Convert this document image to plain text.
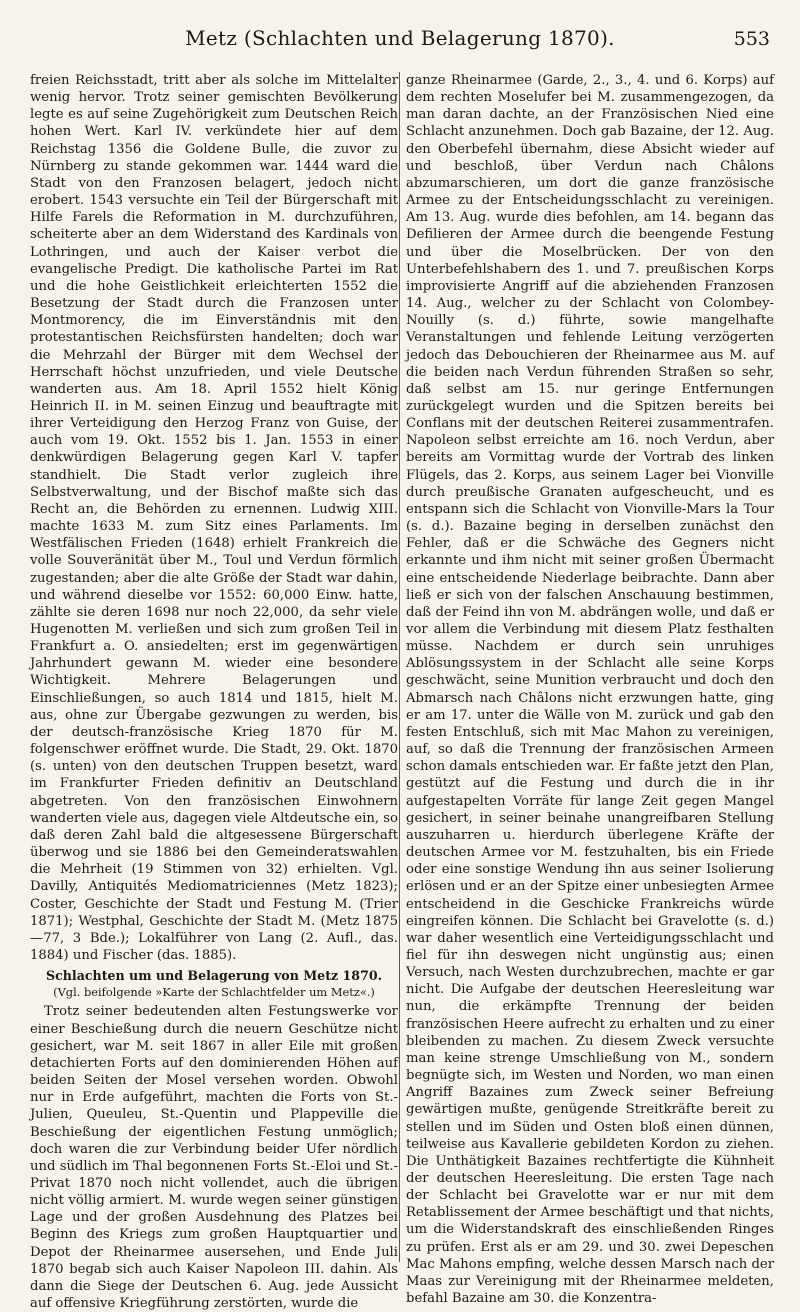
Metz (Schlachten und Belagerung 1870).	553

freien Reichsstadt, tritt aber als solche im Mittelalter wenig hervor. Trotz seiner gemischten Bevölkerung legte es auf seine Zugehörigkeit zum Deutschen Reich hohen Wert. Karl IV. verkündete hier auf dem Reichstag 1356 die Goldene Bulle, die zuvor zu Nürnberg zu stande gekommen war. 1444 ward die Stadt von den Franzosen belagert, jedoch nicht erobert. 1543 versuchte ein Teil der Bürgerschaft mit Hilfe Farels die Reformation in M. durchzuführen, scheiterte aber an dem Widerstand des Kardinals von Lothringen, und auch der Kaiser verbot die evangelische Predigt. Die katholische Partei im Rat und die hohe Geistlichkeit erleichterten 1552 die Besetzung der Stadt durch die Franzosen unter Montmorency, die im Einverständnis mit den protestantischen Reichsfürsten handelten; doch war die Mehrzahl der Bürger mit dem Wechsel der Herrschaft höchst unzufrieden, und viele Deutsche wanderten aus. Am 18. April 1552 hielt König Heinrich II. in M. seinen Einzug und beauftragte mit ihrer Verteidigung den Herzog Franz von Guise, der auch vom 19. Okt. 1552 bis 1. Jan. 1553 in einer denkwürdigen Belagerung gegen Karl V. tapfer standhielt. Die Stadt verlor zugleich ihre Selbstverwaltung, und der Bischof maßte sich das Recht an, die Behörden zu ernennen. Ludwig XIII. machte 1633 M. zum Sitz eines Parlaments. Im Westfälischen Frieden (1648) erhielt Frankreich die volle Souveränität über M., Toul und Verdun förmlich zugestanden; aber die alte Größe der Stadt war dahin, und während dieselbe vor 1552: 60,000 Einw. hatte, zählte sie deren 1698 nur noch 22,000, da sehr viele Hugenotten M. verließen und sich zum großen Teil in Frankfurt a. O. ansiedelten; erst im gegenwärtigen Jahrhundert gewann M. wieder eine besondere Wichtigkeit. Mehrere Belagerungen und Einschließungen, so auch 1814 und 1815, hielt M. aus, ohne zur Übergabe gezwungen zu werden, bis der deutsch-französische Krieg 1870 für M. folgenschwer eröffnet wurde. Die Stadt, 29. Okt. 1870 (s. unten) von den deutschen Truppen besetzt, ward im Frankfurter Frieden definitiv an Deutschland abgetreten. Von den französischen Einwohnern wanderten viele aus, dagegen viele Altdeutsche ein, so daß deren Zahl bald die altgesessene Bürgerschaft überwog und sie 1886 bei den Gemeinderatswahlen die Mehrheit (19 Stimmen von 32) erhielten. Vgl. Davilly, Antiquités Mediomatriciennes (Metz 1823); Coster, Geschichte der Stadt und Festung M. (Trier 1871); Westphal, Geschichte der Stadt M. (Metz 1875—77, 3 Bde.); Lokalführer von Lang (2. Aufl., das. 1884) und Fischer (das. 1885).

Schlachten um und Belagerung von Metz 1870.
(Vgl. beifolgende »Karte der Schlachtfelder um Metz«.)

Trotz seiner bedeutenden alten Festungswerke vor einer Beschießung durch die neuern Geschütze nicht gesichert, war M. seit 1867 in aller Eile mit großen detachierten Forts auf den dominierenden Höhen auf beiden Seiten der Mosel versehen worden. Obwohl nur in Erde aufgeführt, machten die Forts von St.-Julien, Queuleu, St.-Quentin und Plappeville die Beschießung der eigentlichen Festung unmöglich; doch waren die zur Verbindung beider Ufer nördlich und südlich im Thal begonnenen Forts St.-Eloi und St.-Privat 1870 noch nicht vollendet, auch die übrigen nicht völlig armiert. M. wurde wegen seiner günstigen Lage und der großen Ausdehnung des Platzes bei Beginn des Kriegs zum großen Hauptquartier und Depot der Rheinarmee ausersehen, und Ende Juli 1870 begab sich auch Kaiser Napoleon III. dahin. Als dann die Siege der Deutschen 6. Aug. jede Aussicht auf offensive Kriegführung zerstörten, wurde die

ganze Rheinarmee (Garde, 2., 3., 4. und 6. Korps) auf dem rechten Moselufer bei M. zusammengezogen, da man daran dachte, an der Französischen Nied eine Schlacht anzunehmen. Doch gab Bazaine, der 12. Aug. den Oberbefehl übernahm, diese Absicht wieder auf und beschloß, über Verdun nach Châlons abzumarschieren, um dort die ganze französische Armee zu der Entscheidungsschlacht zu vereinigen. Am 13. Aug. wurde dies befohlen, am 14. begann das Defilieren der Armee durch die beengende Festung und über die Moselbrücken. Der von den Unterbefehlshabern des 1. und 7. preußischen Korps improvisierte Angriff auf die abziehenden Franzosen 14. Aug., welcher zu der Schlacht von Colombey-Nouilly (s. d.) führte, sowie mangelhafte Veranstaltungen und fehlende Leitung verzögerten jedoch das Debouchieren der Rheinarmee aus M. auf die beiden nach Verdun führenden Straßen so sehr, daß selbst am 15. nur geringe Entfernungen zurückgelegt wurden und die Spitzen bereits bei Conflans mit der deutschen Reiterei zusammentrafen. Napoleon selbst erreichte am 16. noch Verdun, aber bereits am Vormittag wurde der Vortrab des linken Flügels, das 2. Korps, aus seinem Lager bei Vionville durch preußische Granaten aufgescheucht, und es entspann sich die Schlacht von Vionville-Mars la Tour (s. d.). Bazaine beging in derselben zunächst den Fehler, daß er die Schwäche des Gegners nicht erkannte und ihm nicht mit seiner großen Übermacht eine entscheidende Niederlage beibrachte. Dann aber ließ er sich von der falschen Anschauung bestimmen, daß der Feind ihn von M. abdrängen wolle, und daß er vor allem die Verbindung mit diesem Platz festhalten müsse. Nachdem er durch sein unruhiges Ablösungssystem in der Schlacht alle seine Korps geschwächt, seine Munition verbraucht und doch den Abmarsch nach Châlons nicht erzwungen hatte, ging er am 17. unter die Wälle von M. zurück und gab den festen Entschluß, sich mit Mac Mahon zu vereinigen, auf, so daß die Trennung der französischen Armeen schon damals entschieden war. Er faßte jetzt den Plan, gestützt auf die Festung und durch die in ihr aufgestapelten Vorräte für lange Zeit gegen Mangel gesichert, in seiner beinahe unangreifbaren Stellung auszuharren u. hierdurch überlegene Kräfte der deutschen Armee vor M. festzuhalten, bis ein Friede oder eine sonstige Wendung ihn aus seiner Isolierung erlösen und er an der Spitze einer unbesiegten Armee entscheidend in die Geschicke Frankreichs würde eingreifen können. Die Schlacht bei Gravelotte (s. d.) war daher wesentlich eine Verteidigungsschlacht und fiel für ihn deswegen nicht ungünstig aus; einen Versuch, nach Westen durchzubrechen, machte er gar nicht. Die Aufgabe der deutschen Heeresleitung war nun, die erkämpfte Trennung der beiden französischen Heere aufrecht zu erhalten und zu einer bleibenden zu machen. Zu diesem Zweck versuchte man keine strenge Umschließung von M., sondern begnügte sich, im Westen und Norden, wo man einen Angriff Bazaines zum Zweck seiner Befreiung gewärtigen mußte, genügende Streitkräfte bereit zu stellen und im Süden und Osten bloß einen dünnen, teilweise aus Kavallerie gebildeten Kordon zu ziehen. Die Unthätigkeit Bazaines rechtfertigte die Kühnheit der deutschen Heeresleitung. Die ersten Tage nach der Schlacht bei Gravelotte war er nur mit dem Retablissement der Armee beschäftigt und that nichts, um die Widerstandskraft des einschließenden Ringes zu prüfen. Erst als er am 29. und 30. zwei Depeschen Mac Mahons empfing, welche dessen Marsch nach der Maas zur Vereinigung mit der Rheinarmee meldeten, befahl Bazaine am 30. die Konzentra-
